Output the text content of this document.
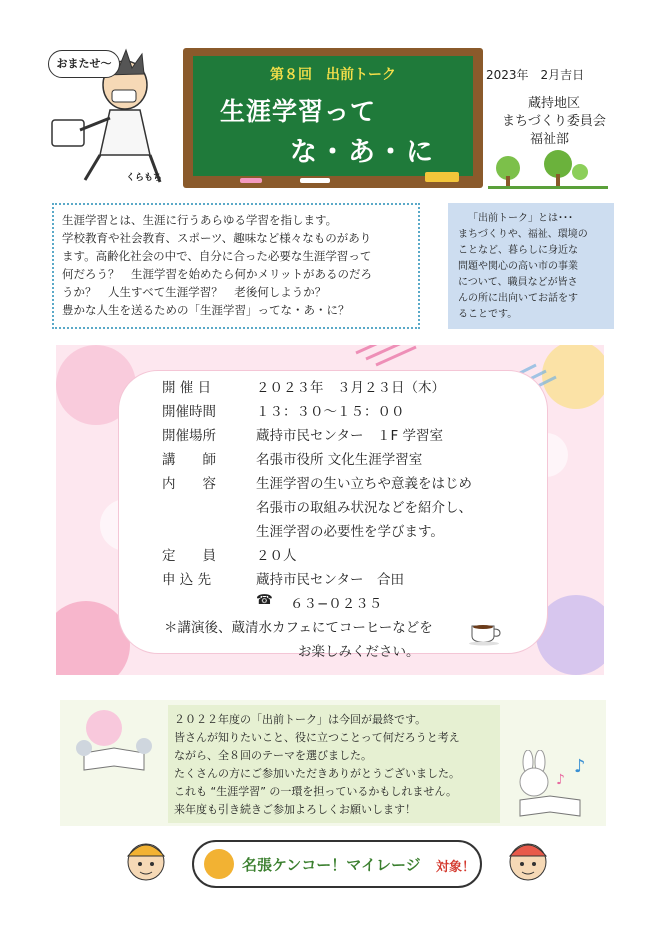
おまたせ〜
くらもち
第８回　出前トーク
生涯学習って
な・あ・に
2023年　2月吉日
蔵持地区
まちづくり委員会
福祉部
生涯学習とは、生涯に行うあらゆる学習を指します。
学校教育や社会教育、スポーツ、趣味など様々なものがあり
ます。高齢化社会の中で、自分に合った必要な生涯学習って
何だろう？　生涯学習を始めたら何かメリットがあるのだろ
うか？　人生すべて生涯学習？　老後何しようか？
豊かな人生を送るための「生涯学習」ってな・あ・に？
「出前トーク」とは･･･
まちづくりや、福祉、環境の
ことなど、暮らしに身近な
問題や関心の高い市の事業
について、職員などが皆さ
んの所に出向いてお話をす
ることです。
開 催 日	２０２３年　３月２３日（木）
開催時間	１３：３０〜１５：００
開催場所	蔵持市民センター　１F 学習室
講　　師	名張市役所 文化生涯学習室
内　　容	生涯学習の生い立ちや意義をはじめ
名張市の取組み状況などを紹介し、
生涯学習の必要性を学びます。
定　　員	２０人
申 込 先	蔵持市民センター　合田
☎ ６３−０２３５
＊講演後、蔵清水カフェにてコーヒーなどを
お楽しみください。
２０２２年度の「出前トーク」は今回が最終です。
皆さんが知りたいこと、役に立つことって何だろうと考え
ながら、全８回のテーマを選びました。
たくさんの方にご参加いただきありがとうございました。
これも “生涯学習” の一環を担っているかもしれません。
来年度も引き続きご参加よろしくお願いします！
♪
♪
名張ケンコー！マイレージ 対象！
